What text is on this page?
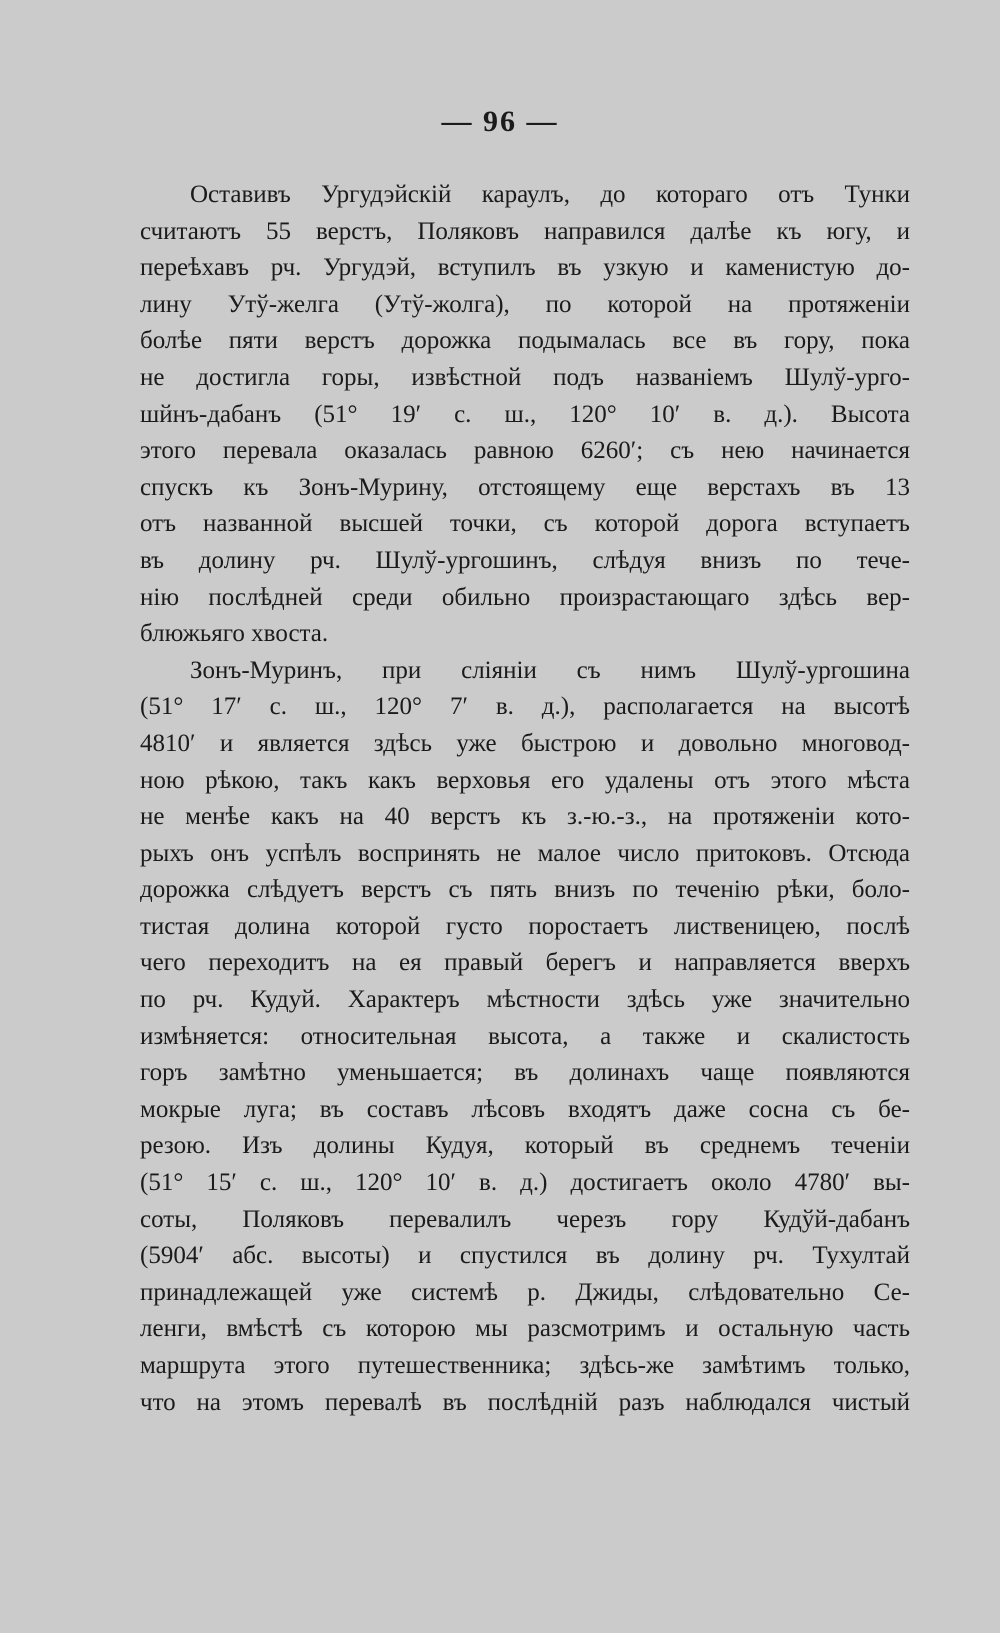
— 96 —
Оставивъ Ургудэйскій караулъ, до котораго отъ Тунки
считаютъ 55 верстъ, Поляковъ направился далѣе къ югу, и
переѣхавъ рч. Ургудэй, вступилъ въ узкую и каменистую до-
лину Утў-желга (Утў-жолга), по которой на протяженіи
болѣе пяти верстъ дорожка подымалась все въ гору, пока
не достигла горы, извѣстной подъ названіемъ Шулў-урго-
шйнъ-дабанъ (51° 19′ с. ш., 120° 10′ в. д.). Высота
этого перевала оказалась равною 6260′; съ нею начинается
спускъ къ Зонъ-Мурину, отстоящему еще верстахъ въ 13
отъ названной высшей точки, съ которой дорога вступаетъ
въ долину рч. Шулў-ургошинъ, слѣдуя внизъ по тече-
нію послѣдней среди обильно произрастающаго здѣсь вер-
блюжьяго хвоста.
Зонъ-Муринъ, при сліяніи съ нимъ Шулў-ургошина
(51° 17′ с. ш., 120° 7′ в. д.), располагается на высотѣ
4810′ и является здѣсь уже быстрою и довольно многовод-
ною рѣкою, такъ какъ верховья его удалены отъ этого мѣста
не менѣе какъ на 40 верстъ къ з.-ю.-з., на протяженіи кото-
рыхъ онъ успѣлъ воспринять не малое число притоковъ. Отсюда
дорожка слѣдуетъ верстъ съ пять внизъ по теченію рѣки, боло-
тистая долина которой густо поростаетъ лиственицею, послѣ
чего переходитъ на ея правый берегъ и направляется вверхъ
по рч. Кудуй. Характеръ мѣстности здѣсь уже значительно
измѣняется: относительная высота, а также и скалистость
горъ замѣтно уменьшается; въ долинахъ чаще появляются
мокрые луга; въ составъ лѣсовъ входятъ даже сосна съ бе-
резою. Изъ долины Кудуя, который въ среднемъ теченіи
(51° 15′ с. ш., 120° 10′ в. д.) достигаетъ около 4780′ вы-
соты, Поляковъ перевалилъ черезъ гору Кудўй-дабанъ
(5904′ абс. высоты) и спустился въ долину рч. Тухултай
принадлежащей уже системѣ р. Джиды, слѣдовательно Се-
ленги, вмѣстѣ съ которою мы разсмотримъ и остальную часть
маршрута этого путешественника; здѣсь-же замѣтимъ только,
что на этомъ перевалѣ въ послѣдній разъ наблюдался чистый
